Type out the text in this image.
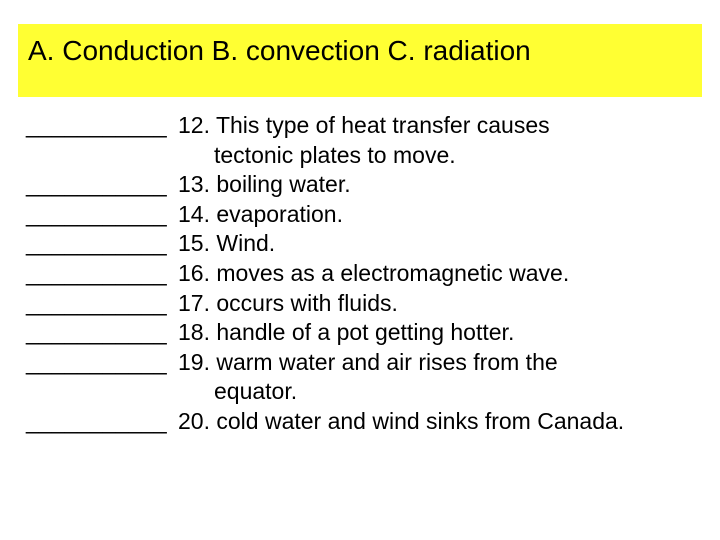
A. Conduction B. convection C. radiation
___________ 12. This type of heat transfer causes
tectonic plates to move.
___________ 13. boiling water.
___________ 14. evaporation.
___________ 15. Wind.
___________ 16. moves as a electromagnetic wave.
___________ 17. occurs with fluids.
___________ 18. handle of a pot getting hotter.
___________ 19. warm water and air rises from the
equator.
___________ 20. cold water and wind sinks from Canada.
